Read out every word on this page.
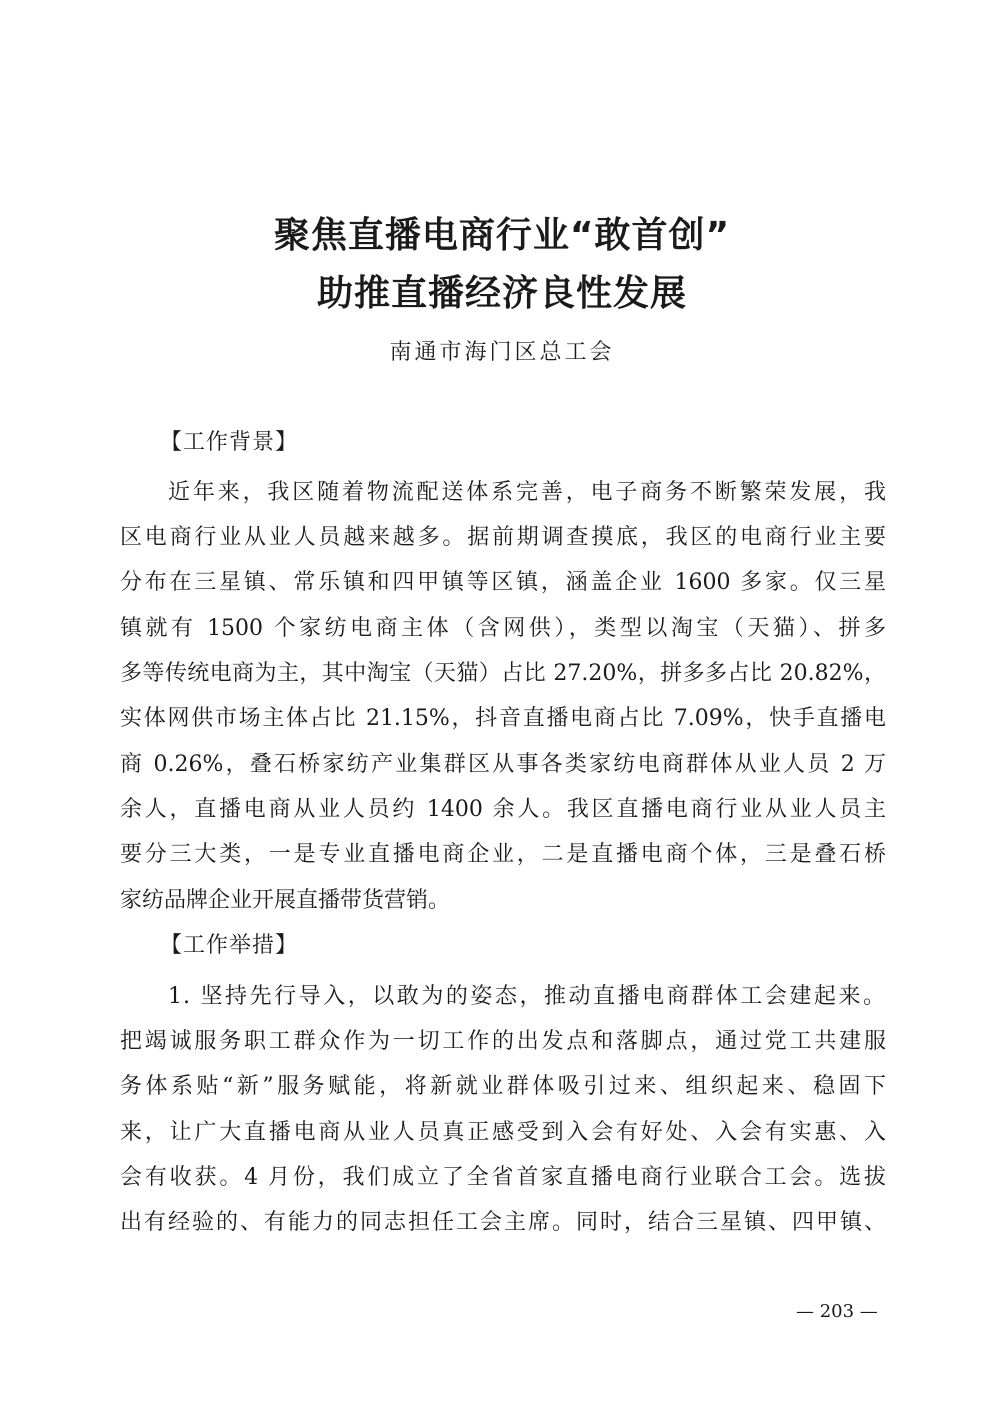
聚焦直播电商行业“敢首创”
助推直播经济良性发展
南通市海门区总工会
【工作背景】
近年来，我区随着物流配送体系完善，电子商务不断繁荣发展，我
区电商行业从业人员越来越多。据前期调查摸底，我区的电商行业主要
分布在三星镇、常乐镇和四甲镇等区镇，涵盖企业 1600 多家。仅三星
镇就有 1500 个家纺电商主体（含网供），类型以淘宝（天猫）、拼多
多等传统电商为主，其中淘宝（天猫）占比 27.20%，拼多多占比 20.82%，
实体网供市场主体占比 21.15%，抖音直播电商占比 7.09%，快手直播电
商 0.26%，叠石桥家纺产业集群区从事各类家纺电商群体从业人员 2 万
余人，直播电商从业人员约 1400 余人。我区直播电商行业从业人员主
要分三大类，一是专业直播电商企业，二是直播电商个体，三是叠石桥
家纺品牌企业开展直播带货营销。
【工作举措】
1. 坚持先行导入，以敢为的姿态，推动直播电商群体工会建起来。
把竭诚服务职工群众作为一切工作的出发点和落脚点，通过党工共建服
务体系贴“新”服务赋能，将新就业群体吸引过来、组织起来、稳固下
来，让广大直播电商从业人员真正感受到入会有好处、入会有实惠、入
会有收获。4 月份，我们成立了全省首家直播电商行业联合工会。选拔
出有经验的、有能力的同志担任工会主席。同时，结合三星镇、四甲镇、
— 203 —
